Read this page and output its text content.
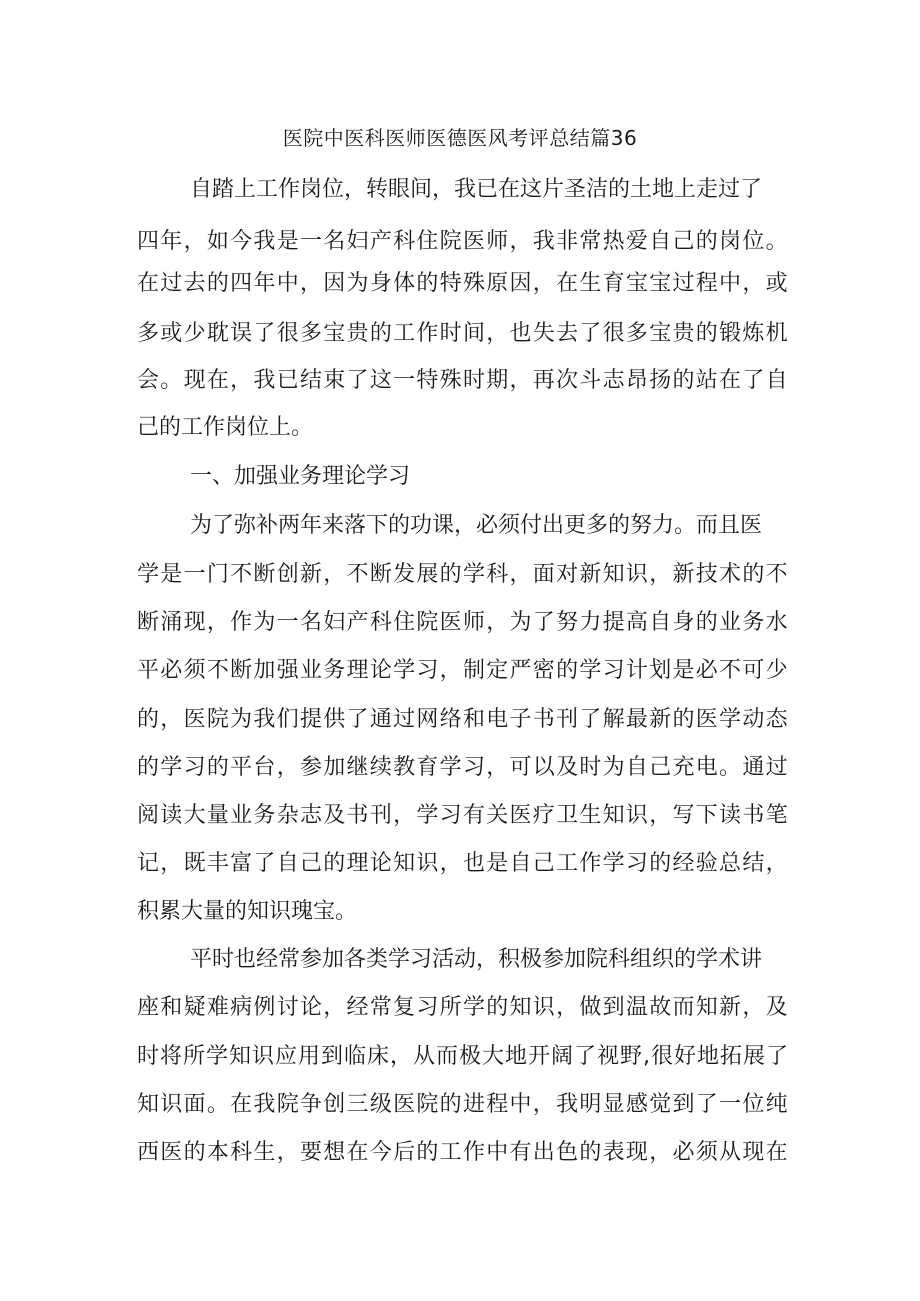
医院中医科医师医德医风考评总结篇36
自踏上工作岗位，转眼间，我已在这片圣洁的土地上走过了
四 年 ， 如 今 我 是 一 名 妇 产 科 住 院 医 师 ， 我 非 常 热 爱 自 己 的 岗 位 。
在 过 去 的 四 年 中 ， 因 为 身 体 的 特 殊 原 因 ， 在 生 育 宝 宝 过 程 中 ， 或
多 或 少 耽 误 了 很 多 宝 贵 的 工 作 时 间 ， 也 失 去 了 很 多 宝 贵 的 锻 炼 机
会 。 现 在 ， 我 已 结 束 了 这 一 特 殊 时 期 ， 再 次 斗 志 昂 扬 的 站 在 了 自
己的工作岗位上。
一、加强业务理论学习
为了弥补两年来落下的功课，必须付出更多的努力。而且医
学 是 一 门 不 断 创 新 ， 不 断 发 展 的 学 科 ， 面 对 新 知 识 ， 新 技 术 的 不
断 涌 现 ， 作 为 一 名 妇 产 科 住 院 医 师 ， 为 了 努 力 提 高 自 身 的 业 务 水
平 必 须 不 断 加 强 业 务 理 论 学 习 ， 制 定 严 密 的 学 习 计 划 是 必 不 可 少
的 ， 医 院 为 我 们 提 供 了 通 过 网 络 和 电 子 书 刊 了 解 最 新 的 医 学 动 态
的 学 习 的 平 台 ， 参 加 继 续 教 育 学 习 ， 可 以 及 时 为 自 己 充 电 。 通 过
阅 读 大 量 业 务 杂 志 及 书 刊 ， 学 习 有 关 医 疗 卫 生 知 识 ， 写 下 读 书 笔
记 ， 既 丰 富 了 自 己 的 理 论 知 识 ， 也 是 自 己 工 作 学 习 的 经 验 总 结 ，
积累大量的知识瑰宝。
平时也经常参加各类学习活动，积极参加院科组织的学术讲
座 和 疑 难 病 例 讨 论 ， 经 常 复 习 所 学 的 知 识 ， 做 到 温 故 而 知 新 ， 及
时 将 所 学 知 识 应 用 到 临 床 ， 从 而 极 大 地 开 阔 了 视 野 , 很 好 地 拓 展 了
知 识 面 。 在 我 院 争 创 三 级 医 院 的 进 程 中 ， 我 明 显 感 觉 到 了 一 位 纯
西 医 的 本 科 生 ， 要 想 在 今 后 的 工 作 中 有 出 色 的 表 现 ， 必 须 从 现 在
